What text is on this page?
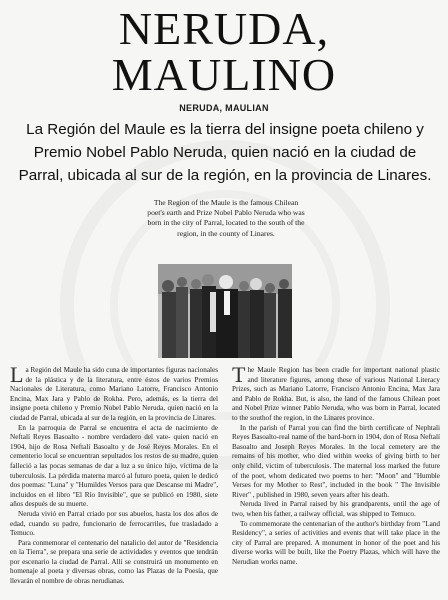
NERUDA,
MAULINO
NERUDA, MAULIAN
La Región del Maule es la tierra del insigne poeta chileno y Premio Nobel Pablo Neruda, quien nació en la ciudad de Parral, ubicada al sur de la región, en la provincia de Linares.
The Region of the Maule is the famous Chilean poet's earth and Prize Nobel Pablo Neruda who was born in the city of Parral, located to the south of the region, in the county of Linares.

La Región del Maule ha sido cuna de importantes figuras nacionales de la plástica y de la literatura, entre éstos de varios Premios Nacionales de Literatura, como Mariano Latorre, Francisco Antonio Encina, Max Jara y Pablo de Rokha. Pero, además, es la tierra del insigne poeta chileno y Premio Nobel Pablo Neruda, quien nació en la ciudad de Parral, ubicada al sur de la región, en la provincia de Linares.

En la parroquia de Parral se encuentra el acta de nacimiento de Neftalí Reyes Basoalto - nombre verdadero del vate- quien nació en 1904, hijo de Rosa Neftalí Basoalto y de José Reyes Morales. En el cementerio local se encuentran sepultados los restos de su madre, quien falleció a las pocas semanas de dar a luz a su único hijo, víctima de la tuberculosis. La pérdida materna marcó al futuro poeta, quien le dedicó dos poemas: "Luna" y "Humildes Versos para que Descanse mi Madre", incluidos en el libro "El Río Invisible", que se publicó en 1980, siete años después de su muerte.

Neruda vivió en Parral criado por sus abuelos, hasta los dos años de edad, cuando su padre, funcionario de ferrocarriles, fue trasladado a Temuco.

Para conmemorar el centenario del natalicio del autor de "Residencia en la Tierra", se prepara una serie de actividades y eventos que tendrán por escenario la ciudad de Parral. Allí se construirá un monumento en homenaje al poeta y diversas obras, como las Plazas de la Poesía, que llevarán el nombre de obras nerudianas.

The Maule Region has been cradle for important national plastic and literature figures, among these of various National Literacy Prizes, such as Mariano Latorre, Francisco Antonio Encina, Max Jara and Pablo de Rokha. But, is also, the land of the famous Chilean poet and Nobel Prize winner Pablo Neruda, who was born in Parral, located to the southof the region, in the Linares province.

In the parish of Parral you can find the birth certificate of Nephtali Reyes Basoalto-real name of the bard-born in 1904, don of Rosa Neftalí Basoalto and Joseph Reyes Morales. In the local cemetery are the remains of his mother, who died within weeks of giving birth to her only child, victim of tuberculosis. The maternal loss marked the future of the poet, whom dedicated two poems to her: "Moon" and "Humble Verses for my Mother to Rest", included in the book " The Invisible River" , published in 1980, seven years after his death.

Neruda lived in Parral raised by his grandparents, until the age of two, when his father, a railway official, was shipped to Temuco.

To commemorate the centenarian of the author's birthday from "Land Residency", a series of activities and events that will take place in the city of Parral are prepared. A monument in honor of the poet and his diverse works will be built, like the Poetry Plazas, which will have the Nerudian works name.
